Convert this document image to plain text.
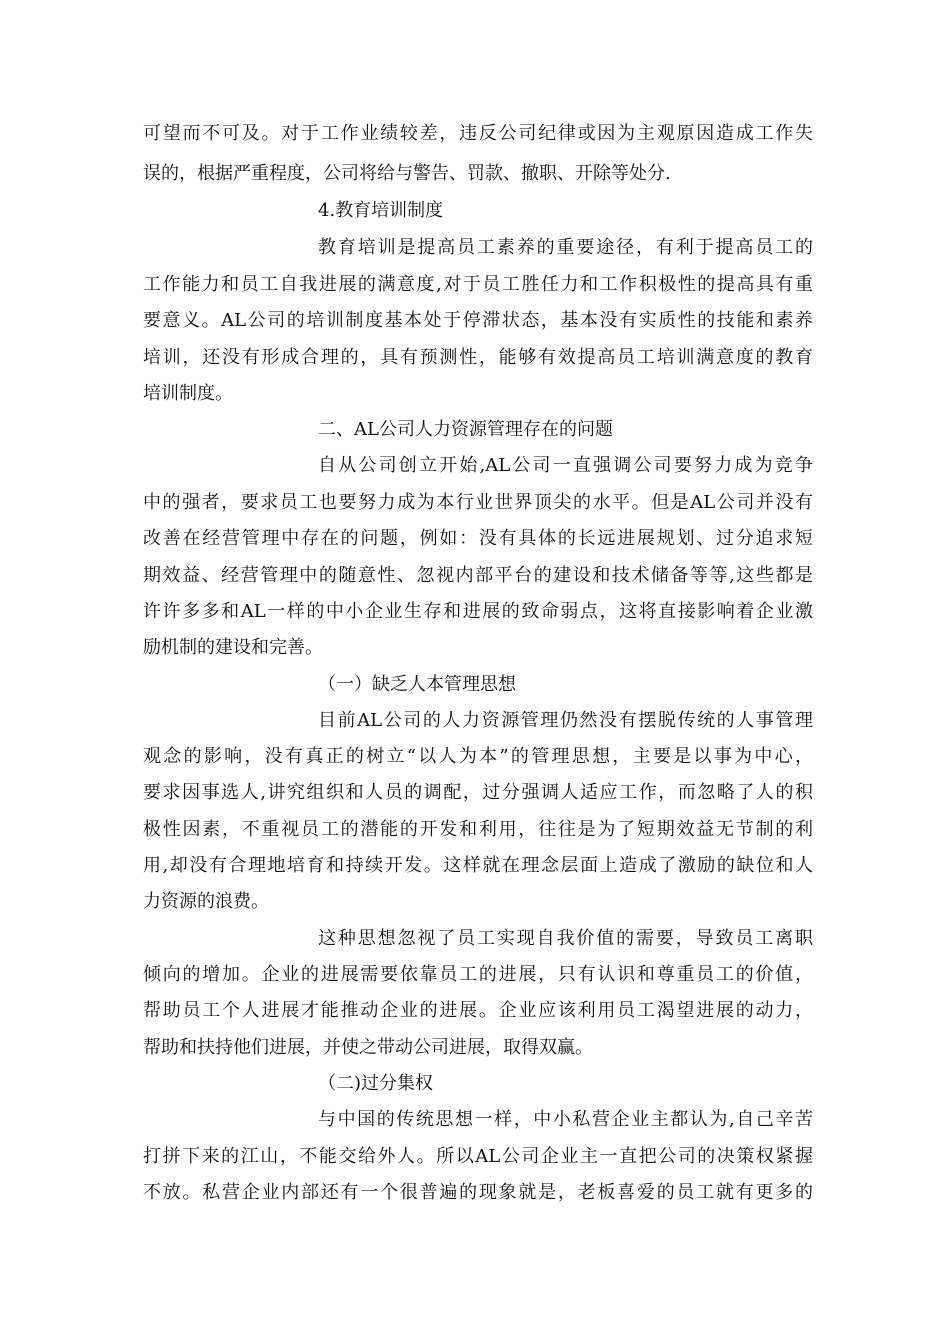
可望而不可及。对于工作业绩较差，违反公司纪律或因为主观原因造成工作失
误的，根据严重程度，公司将给与警告、罚款、撤职、开除等处分.
4.教育培训制度
教育培训是提高员工素养的重要途径，有利于提高员工的
工作能力和员工自我进展的满意度,对于员工胜任力和工作积极性的提高具有重
要意义。AL公司的培训制度基本处于停滞状态，基本没有实质性的技能和素养
培训，还没有形成合理的，具有预测性，能够有效提高员工培训满意度的教育
培训制度。
二、AL公司人力资源管理存在的问题
自从公司创立开始,AL公司一直强调公司要努力成为竞争
中的强者，要求员工也要努力成为本行业世界顶尖的水平。但是AL公司并没有
改善在经营管理中存在的问题，例如：没有具体的长远进展规划、过分追求短
期效益、经营管理中的随意性、忽视内部平台的建设和技术储备等等,这些都是
许许多多和AL一样的中小企业生存和进展的致命弱点，这将直接影响着企业激
励机制的建设和完善。
（一）缺乏人本管理思想
目前AL公司的人力资源管理仍然没有摆脱传统的人事管理
观念的影响，没有真正的树立“以人为本”的管理思想，主要是以事为中心，
要求因事选人,讲究组织和人员的调配，过分强调人适应工作，而忽略了人的积
极性因素，不重视员工的潜能的开发和利用，往往是为了短期效益无节制的利
用,却没有合理地培育和持续开发。这样就在理念层面上造成了激励的缺位和人
力资源的浪费。
这种思想忽视了员工实现自我价值的需要，导致员工离职
倾向的增加。企业的进展需要依靠员工的进展，只有认识和尊重员工的价值，
帮助员工个人进展才能推动企业的进展。企业应该利用员工渴望进展的动力，
帮助和扶持他们进展，并使之带动公司进展，取得双赢。
（二)过分集权
与中国的传统思想一样，中小私营企业主都认为,自己辛苦
打拼下来的江山，不能交给外人。所以AL公司企业主一直把公司的决策权紧握
不放。私营企业内部还有一个很普遍的现象就是，老板喜爱的员工就有更多的
